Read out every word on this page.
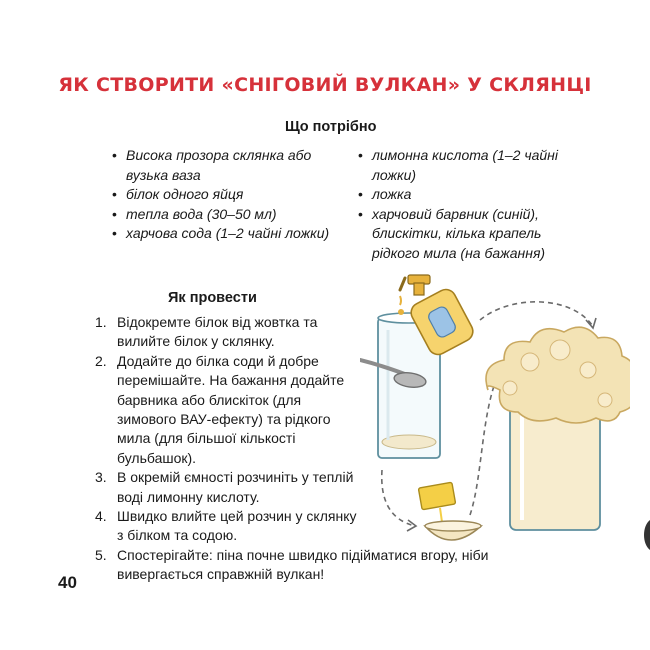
ЯК СТВОРИТИ «СНІГОВИЙ ВУЛКАН» У СКЛЯНЦІ
Що потрібно
• Висока прозора склянка або вузька ваза
• білок одного яйця
• тепла вода (30–50 мл)
• харчова сода (1–2 чайні ложки)
• лимонна кислота (1–2 чайні ложки)
• ложка
• харчовий барвник (синій), блискітки, кілька крапель рідкого мила (на бажання)
Як провести
1. Відокремте білок від жовтка та вилийте білок у склянку.
2. Додайте до білка соди й добре перемішайте. На бажання додайте барвника або блискіток (для зимового ВАУ-ефекту) та рідкого мила (для більшої кількості бульбашок).
3. В окремій ємності розчиніть у теплій воді лимонну кислоту.
4. Швидко влийте цей розчин у склянку з білком та содою.
5. Спостерігайте: піна почне швидко підійматися вгору, ніби вивергається справжній вулкан!
40
